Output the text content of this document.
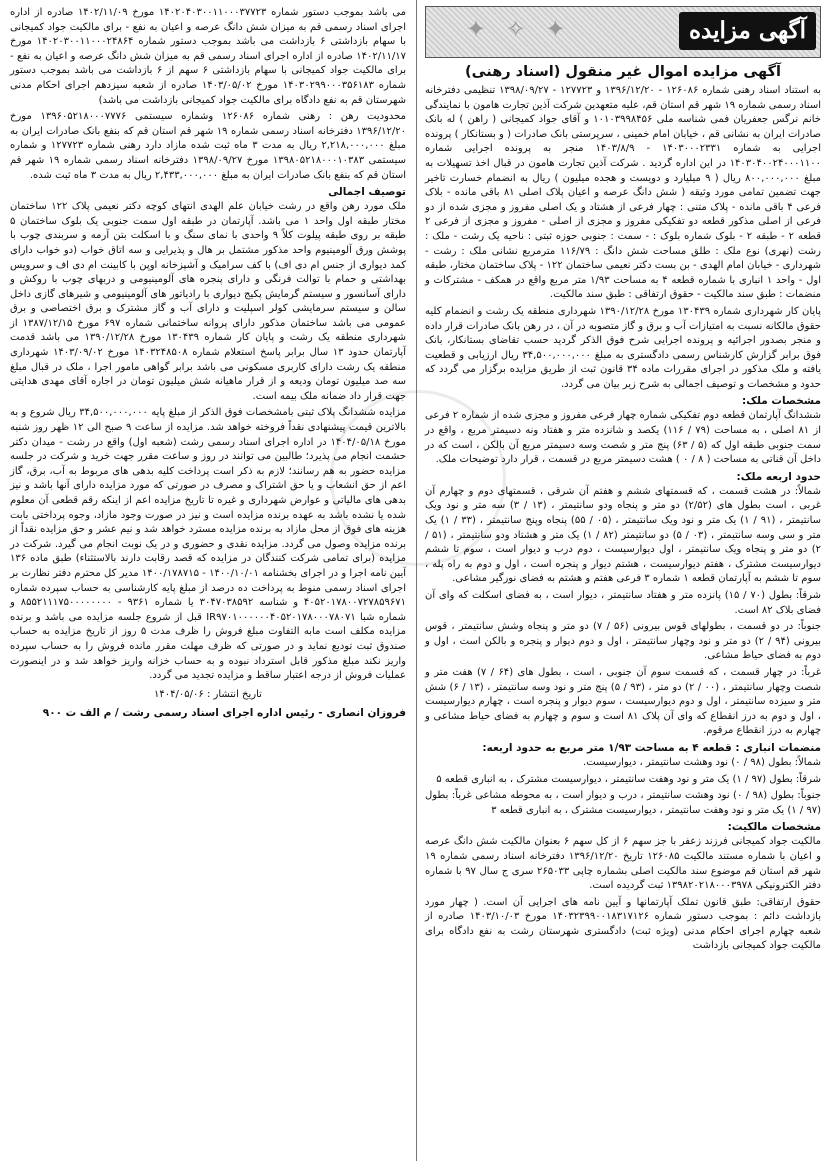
آگهی مزایده
✦ ✧ ✦
آگهی مزایده اموال غیر منقول (اسناد رهنی)

به استناد اسناد رهنی شماره ۱۲۶۰۸۶ - ۱۳۹۶/۱۲/۲۰ و ۱۲۷۷۲۳ - ۱۳۹۸/۰۹/۲۷ تنظیمی دفترخانه اسناد رسمی شماره ۱۹ شهر قم استان قم، علیه متعهدین شرکت آذین تجارت هامون با نمایندگی خانم نرگس جعفریان فمی شناسه ملی ۱۰۱۰۳۹۹۸۴۵۶ و آقای جواد کمیجانی ( راهن ) له بانک صادرات ایران به نشانی قم ، خیابان امام خمینی ، سرپرستی بانک صادرات ( و بستانکار ) پرونده اجرایی به شماره ۱۴۰۳۰۰۰۲۳۳۱ - ۱۴۰۳/۸/۹ منجر به پرونده اجرایی شماره ۱۴۰۳۰۴۰۰۲۴۰۰۰۱۱۰۰ در این اداره گردید . شرکت آذین تجارت هامون در قبال اخذ تسهیلات به مبلغ ۸۰۰,۰۰۰,۰۰۰ ریال ( ۹ میلیارد و دویست و هجده میلیون ) ریال به انضمام خسارت تاخیر جهت تضمین تمامی مورد وثیقه ( شش دانگ عرصه و اعیان پلاک اصلی ۸۱ باقی مانده - بلاک فرعی ۴ باقی مانده - پلاک متنی : چهار فرعی از هشتاد و یک اصلی مفروز و مجزی شده از دو فرعی از اصلی مذکور قطعه دو تفکیکی مفروز و مجزی از اصلی - مفروز و مجزی از فرعی ۲ قطعه ۲ - طبقه ۲ - بلوک شماره بلوک : - سمت : جنوبی حوزه ثبتی : ناحیه یک رشت - ملک : رشت (نهری) نوع ملک : طلق مساحت شش دانگ : ۱۱۶/۷۹ مترمربع نشانی ملک : رشت - شهرداری - خیابان امام الهدی - بن بست دکتر نعیمی ساختمان ۱۲۲ - پلاک ساختمان مختار، طبقه اول - واحد ۱ انباری با شماره قطعه ۴ به مساحت ۱/۹۳ متر مربع واقع در همکف - مشترکات و منضمات : طبق سند مالکیت - حقوق ارتفاقی : طبق سند مالکیت.

پایان کار شهرداری شماره ۱۳۰۴۳۹ مورخ ۱۳۹۰/۱۲/۲۸ شهرداری منطقه یک رشت و انضمام کلیه حقوق مالکانه نسبت به امتیازات آب و برق و گاز متصوبه در آن ، در رهن بانک صادرات قرار داده و منجر بصدور اجرائیه و پرونده اجرایی شرح فوق الذکر گردید حسب تقاضای بستانکار، بانک فوق برابر گزارش کارشناس رسمی دادگستری به مبلغ ۳۴,۵۰۰,۰۰۰,۰۰۰ ریال ارزیابی و قطعیت یافته و ملک مذکور در اجرای مقررات ماده ۳۴ قانون ثبت از طریق مزایده برگزار می گردد که حدود و مشخصات و توصیف اجمالی به شرح زیر بیان می گردد.

مشخصات ملک:

ششدانگ آپارتمان قطعه دوم تفکیکی شماره چهار فرعی مفروز و مجزی شده از شماره ۲ فرعی از ۸۱ اصلی ، به مساحت (۷۹ / ۱۱۶) یکصد و شانزده متر و هفتاد ونه دسیمتر مربع ، واقع در سمت جنوبی طبقه اول که (۵ / ۶۳) پنج متر و شصت وسه دسیمتر مربع آن بالکن ، است که در داخل آن قناتی به مساحت ( ۸ / ۰ ) هشت دسیمتر مربع در قسمت ، قرار دارد توضیحات ملک.

حدود اربعه ملک:

شمالاً: در هشت قسمت ، که قسمتهای ششم و هفتم آن شرقی ، قسمتهای دوم و چهارم آن غربی ، است بطول های (۲/۵۲) دو متر و پنجاه ودو سانتیمتر ، (۱۳ / ۳) سه متر و نود ویک سانتیمتر ، (۹۱ / ۱) یک متر و نود ویک سانتیمتر ، (۰۵ / ۵۵) پنجاه وپنج سانتیمتر ، (۳۳ / ۱) یک متر و سی وسه سانتیمتر ، (۰۳ / ۵) دو سانتیمتر (۸۲ / ۱) یک متر و هشتاد ودو سانتیمتر ، (۵۱ / ۲) دو متر و پنجاه ویک سانتیمتر ، اول دیوارسیست ، دوم درب و دیوار است ، سوم تا ششم دیوارسیست مشترک ، هفتم دیوارسیست ، هشتم دیوار و پنجره است ، اول و دوم به راه پله ، سوم تا ششم به آپارتمان قطعه ۱ شماره ۳ فرعی هفتم و هشتم به فضای نورگیر مشاعی.

شرقاً: بطول (۷۰ / ۱۵) پانزده متر و هفتاد سانتیمتر ، دیوار است ، به فضای اسکلت که وای آن فضای بلاک ۸۲ است.

جنوباً: در دو قسمت ، بطولهای قوس بیرونی (۵۶ / ۷) دو متر و پنجاه وشش سانتیمتر ، قوس بیرونی (۹۴ / ۲) دو متر و نود وچهار سانتیمتر ، اول و دوم دیوار و پنجره و بالکن است ، اول و دوم به فضای حیاط مشاعی.

غرباً: در چهار قسمت ، که قسمت سوم آن جنوبی ، است ، بطول های (۶۴ / ۷) هفت متر و شصت وچهار سانتیمتر ، (۰۰ / ۲) دو متر ، (۹۳ / ۵) پنج متر و نود وسه سانتیمتر ، (۱۳ / ۶) شش متر و سیزده سانتیمتر ، اول و دوم دیوارسیست ، سوم دیوار و پنجره است ، چهارم دیوارسیست ، اول و دوم به درز انقطاع که وای آن پلاک ۸۱ است و سوم و چهارم به فضای حیاط مشاعی و چهارم به درز انقطاع مرقوم.

منضمات انباری : قطعه ۴ به مساحت ۱/۹۳ متر مربع به حدود اربعه:

شمالاً: بطول (۹۸ / ۰) نود وهشت سانتیمتر ، دیوارسیست.

شرقاً: بطول (۹۷ / ۱) یک متر و نود وهفت سانتیمتر ، دیوارسیست مشترک ، به انباری قطعه ۵

جنوباً: بطول (۹۸ / ۰) نود وهشت سانتیمتر ، درب و دیوار است ، به محوطه مشاعی غرباً: بطول (۹۷ / ۱) یک متر و نود وهفت سانتیمتر ، دیوارسیست مشترک ، به انباری قطعه ۳

مشخصات مالکیت:

مالکیت جواد کمیجانی فرزند زعفر با جز سهم ۶ از کل سهم ۶ بعنوان مالکیت شش دانگ عرصه و اعیان با شماره مستند مالکیت ۱۲۶۰۸۵ تاریخ ۱۳۹۶/۱۲/۲۰ دفترخانه اسناد رسمی شماره ۱۹ شهر قم استان قم موضوع سند مالکیت اصلی بشماره چاپی ۲۶۵۰۳۳ سری ج سال ۹۷ با شماره دفتر الکترونیکی ۱۳۹۸۲۰۲۱۸۰۰۰۳۹۷۸ ثبت گردیده است.

حقوق ارتفاقی: طبق قانون تملک آپارتمانها و آیین نامه های اجرایی آن است. ( چهار مورد بازداشت دائم : بموجب دستور شماره ۱۴۰۳۲۳۹۹۰۰۱۸۳۱۷۱۲۶ مورخ ۱۴۰۳/۱۰/۰۳ صادره از شعبه چهارم اجرای احکام مدنی (ویژه ثبت) دادگستری شهرستان رشت به نفع دادگاه برای مالکیت جواد کمیجانی بازداشت

می باشد بموجب دستور شماره ۱۴۰۲۰۴۰۳۰۰۱۱۰۰۰۳۷۷۲۳ مورخ ۱۴۰۲/۱۱/۰۹ صادره از اداره اجرای اسناد رسمی قم به میزان شش دانگ عرصه و اعیان به نفع - برای مالکیت جواد کمیجانی با سهام بازداشتی ۶ بازداشت می باشد بموجب دستور شماره ۱۴۰۲۰۳۰۰۱۱۰۰۰۲۴۸۶۴ مورخ ۱۴۰۲/۱۱/۱۷ صادره از اداره اجرای اسناد رسمی قم به میزان شش دانگ عرصه و اعیان به نفع - برای مالکیت جواد کمیجانی با سهام بازداشتی ۶ سهم از ۶ بازداشت می باشد بموجب دستور شماره ۱۴۰۳۰۲۹۹۰۰۰۳۵۶۱۸۳ مورخ ۱۴۰۳/۰۵/۰۲ صادره از شعبه سیزدهم اجرای احکام مدنی شهرستان قم به نفع دادگاه برای مالکیت جواد کمیجانی بازداشت می باشد)

محدودیت رهن : رهنی شماره ۱۲۶۰۸۶ وشماره سیستمی ۱۳۹۶۰۵۲۱۸۰۰۰۷۷۷۶ مورخ ۱۳۹۶/۱۲/۲۰ دفترخانه اسناد رسمی شماره ۱۹ شهر قم استان قم که بنفع بانک صادرات ایران به مبلغ ۲,۲۱۸,۰۰۰,۰۰۰ ریال به مدت ۳ ماه ثبت شده مازاد دارد رهنی شماره ۱۲۷۷۲۳ و شماره سیستمی ۱۳۹۸۰۵۲۱۸۰۰۰۱۰۳۸۳ مورخ ۱۳۹۸/۰۹/۲۷ دفترخانه اسناد رسمی شماره ۱۹ شهر قم استان قم که بنفع بانک صادرات ایران به مبلغ ۲,۴۳۳,۰۰۰,۰۰۰ ریال به مدت ۳ ماه ثبت شده.

توصیف اجمالی

ملک مورد رهن واقع در رشت خیابان علم الهدی انتهای کوچه دکتر نعیمی پلاک ۱۲۲ ساختمان مختار طبقه اول واحد ۱ می باشد. آپارتمان در طبقه اول سمت جنوبی یک بلوک ساختمان ۵ طبقه بر روی طبقه پیلوت کلاً ۹ واحدی با نمای سنگ و با اسکلت بتن آرمه و سربندی چوب با پوشش ورق آلومینیوم واحد مذکور مشتمل بر هال و پذیرایی و سه اتاق خواب (دو خواب دارای کمد دیواری از جنس ام دی اف) با کف سرامیک و آشپزخانه اوپن با کابینت ام دی اف و سرویس بهداشتی و حمام با توالت فرنگی و دارای پنجره های آلومینیومی و دربهای چوب با روکش و دارای آسانسور و سیستم گرمایش پکیج دیواری با رادیاتور های آلومینیومی و شیرهای گازی داخل سالن و سیستم سرمایشی کولر اسپلیت و دارای آب و گاز مشترک و برق اختصاصی و برق عمومی می باشد ساختمان مذکور دارای پروانه ساختمانی شماره ۶۹۷ مورخ ۱۳۸۷/۱۲/۱۵ از شهرداری منطقه یک رشت و پایان کار شماره ۱۳۰۴۳۹ مورخ ۱۳۹۰/۱۲/۲۸ می باشد قدمت آپارتمان حدود ۱۳ سال برابر پاسخ استعلام شماره ۱۴۰۳۲۴۸۵۰۸ مورخ ۱۴۰۳/۰۹/۰۲ شهرداری منطقه یک رشت دارای کاربری مسکونی می باشد برابر گواهی مامور اجرا ، ملک در قبال مبلغ سه صد میلیون تومان ودیعه و از قرار ماهیانه شش میلیون تومان در اجاره آقای مهدی هدایتی جهت قرار داد ضمانه ملک بیمه است.

مزایده ششدانگ پلاک ثبتی بامشخصات فوق الذکر از مبلغ پایه ۳۴,۵۰۰,۰۰۰,۰۰۰ ریال شروع و به بالاترین قیمت پیشنهادی نقداً فروخته خواهد شد. مزایده از ساعت ۹ صبح الی ۱۲ ظهر روز شنبه مورخ ۱۴۰۴/۰۵/۱۸ در اداره اجرای اسناد رسمی رشت (شعبه اول) واقع در رشت - میدان دکتر حشمت انجام می پذیرد؛ طالبین می توانند در روز و ساعت مقرر جهت خرید و شرکت در جلسه مزایده حضور به هم رسانند؛ لازم به ذکر است پرداخت کلیه بدهی های مربوط به آب، برق، گاز اعم از حق انشعاب و یا حق اشتراک و مصرف در صورتی که مورد مزایده دارای آنها باشد و نیز بدهی های مالیاتی و عوارض شهرداری و غیره تا تاریخ مزایده اعم از اینکه رقم قطعی آن معلوم شده یا نشده باشد به عهده برنده مزایده است و نیز در صورت وجود مازاد، وجوه پرداختی بابت هزینه های فوق از محل مازاد به برنده مزایده مسترد خواهد شد و نیم عشر و حق مزایده نقداً از برنده مزایده وصول می گردد. مزایده نقدی و حضوری و در یک نوبت انجام می گیرد. شرکت در مزایده (برای تمامی شرکت کنندگان در مزایده که قصد رقابت دارند بالاستثناء) طبق ماده ۱۳۶ آیین نامه اجرا و در اجرای بخشنامه ۱۴۰۰/۱۰/۰۱ - ۱۴۰۰/۱۷۸۷۱۵ مدیر کل محترم دفتر نظارت بر اجرای اسناد رسمی منوط به پرداخت ده درصد از مبلغ پایه کارشناسی به حساب سپرده شماره ۴۰۵۲۰۱۷۸۰۰۷۲۷۸۵۹۶۷۱ و شناسه ۳۰۴۷۰۳۸۵۹۲ یا شماره ۹۳۶۱ - ۸۵۵۲۱۱۱۷۵۰۰۰۰۰۰۰۰ و شماره شبا IR۹۷۰۱۰۰۰۰۰۰۴۰۵۲۰۱۷۸۰۰۰۷۸۰۷۱ قبل از شروع جلسه مزایده می باشد و برنده مزایده مکلف است مابه التفاوت مبلغ فروش را ظرف مدت ۵ روز از تاریخ مزایده به حساب صندوق ثبت تودیع نماید و در صورتی که ظرف مهلت مقرر مانده فروش را به حساب سپرده واریز نکند مبلغ مذکور قابل استرداد نبوده و به حساب خزانه واریز خواهد شد و در اینصورت عملیات فروش از درجه اعتبار ساقط و مزایده تجدید می گردد.

تاریخ انتشار : ۱۴۰۴/۰۵/۰۶
فروزان انصاری - رئیس اداره اجرای اسناد رسمی رشت / م الف ت ۹۰۰
